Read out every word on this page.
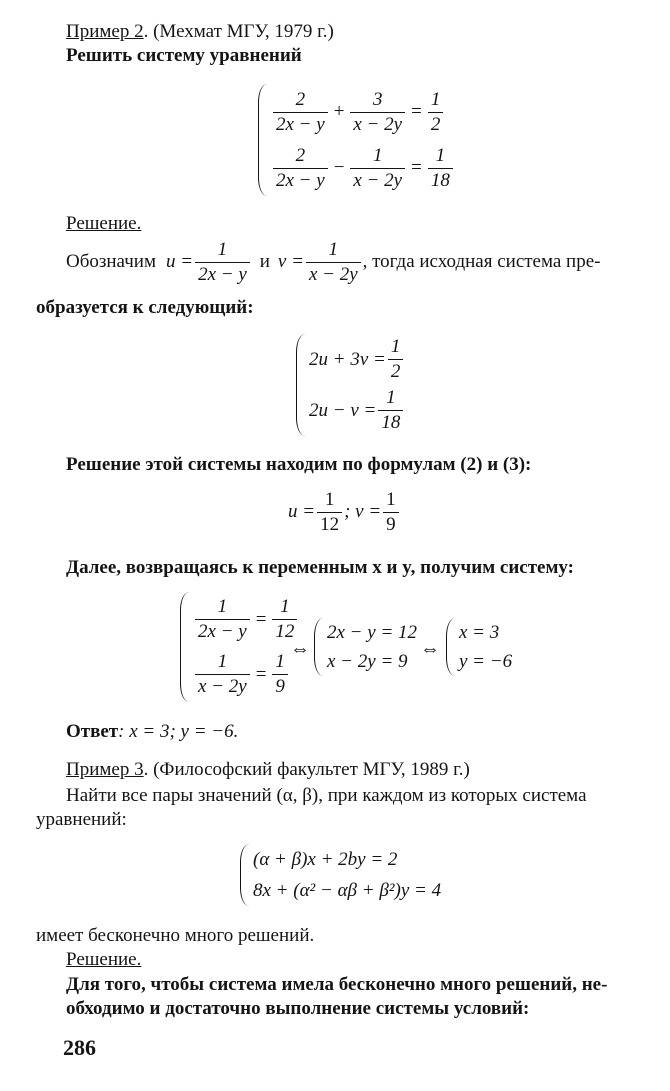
Пример 2. (Мехмат МГУ, 1979 г.)
Решить систему уравнений
$\frac{2}{2x - y} + \frac{3}{x - 2y} = \frac{1}{2}$
$\frac{2}{2x - y} - \frac{1}{x - 2y} = \frac{1}{18}$
Решение.
Обозначим $u = \frac{1}{2x - y}$ и $v = \frac{1}{x - 2y}$ , тогда исходная система пре-
образуется к следующий:
$2u + 3v = \frac{1}{2}$
$2u - v = \frac{1}{18}$
Решение этой системы находим по формулам (2) и (3):
$u = \frac{1}{12}$ ; $v = \frac{1}{9}$
Далее, возвращаясь к переменным x и y, получим систему:
$\frac{1}{2x - y} = \frac{1}{12}$
$\frac{1}{x - 2y} = \frac{1}{9}$
⇔
2x − y = 12
x − 2y = 9
⇔
x = 3
y = −6
Ответ: x = 3; y = −6.
Пример 3. (Философский факультет МГУ, 1989 г.)
Найти все пары значений (α, β), при каждом из которых система
уравнений:
(α + β)x + 2by = 2
8x + (α² − αβ + β²)y = 4
имеет бесконечно много решений.
Решение.
Для того, чтобы система имела бесконечно много решений, не-
обходимо и достаточно выполнение системы условий:
286
